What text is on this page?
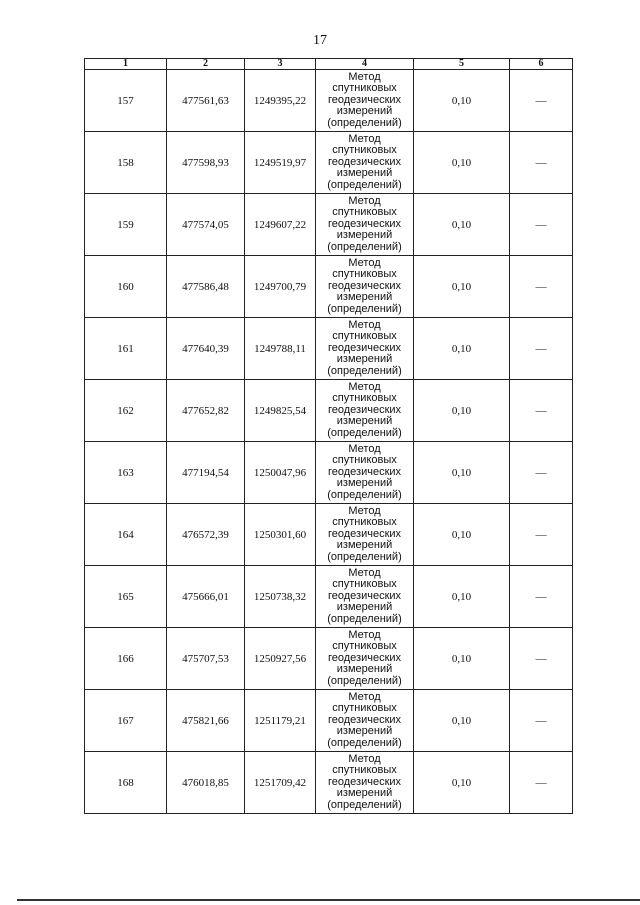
17
1	2	3	4	5	6
157	477561,63	1249395,22	Метод
спутниковых
геодезических
измерений
(определений)	0,10	—
158	477598,93	1249519,97	Метод
спутниковых
геодезических
измерений
(определений)	0,10	—
159	477574,05	1249607,22	Метод
спутниковых
геодезических
измерений
(определений)	0,10	—
160	477586,48	1249700,79	Метод
спутниковых
геодезических
измерений
(определений)	0,10	—
161	477640,39	1249788,11	Метод
спутниковых
геодезических
измерений
(определений)	0,10	—
162	477652,82	1249825,54	Метод
спутниковых
геодезических
измерений
(определений)	0,10	—
163	477194,54	1250047,96	Метод
спутниковых
геодезических
измерений
(определений)	0,10	—
164	476572,39	1250301,60	Метод
спутниковых
геодезических
измерений
(определений)	0,10	—
165	475666,01	1250738,32	Метод
спутниковых
геодезических
измерений
(определений)	0,10	—
166	475707,53	1250927,56	Метод
спутниковых
геодезических
измерений
(определений)	0,10	—
167	475821,66	1251179,21	Метод
спутниковых
геодезических
измерений
(определений)	0,10	—
168	476018,85	1251709,42	Метод
спутниковых
геодезических
измерений
(определений)	0,10	—
